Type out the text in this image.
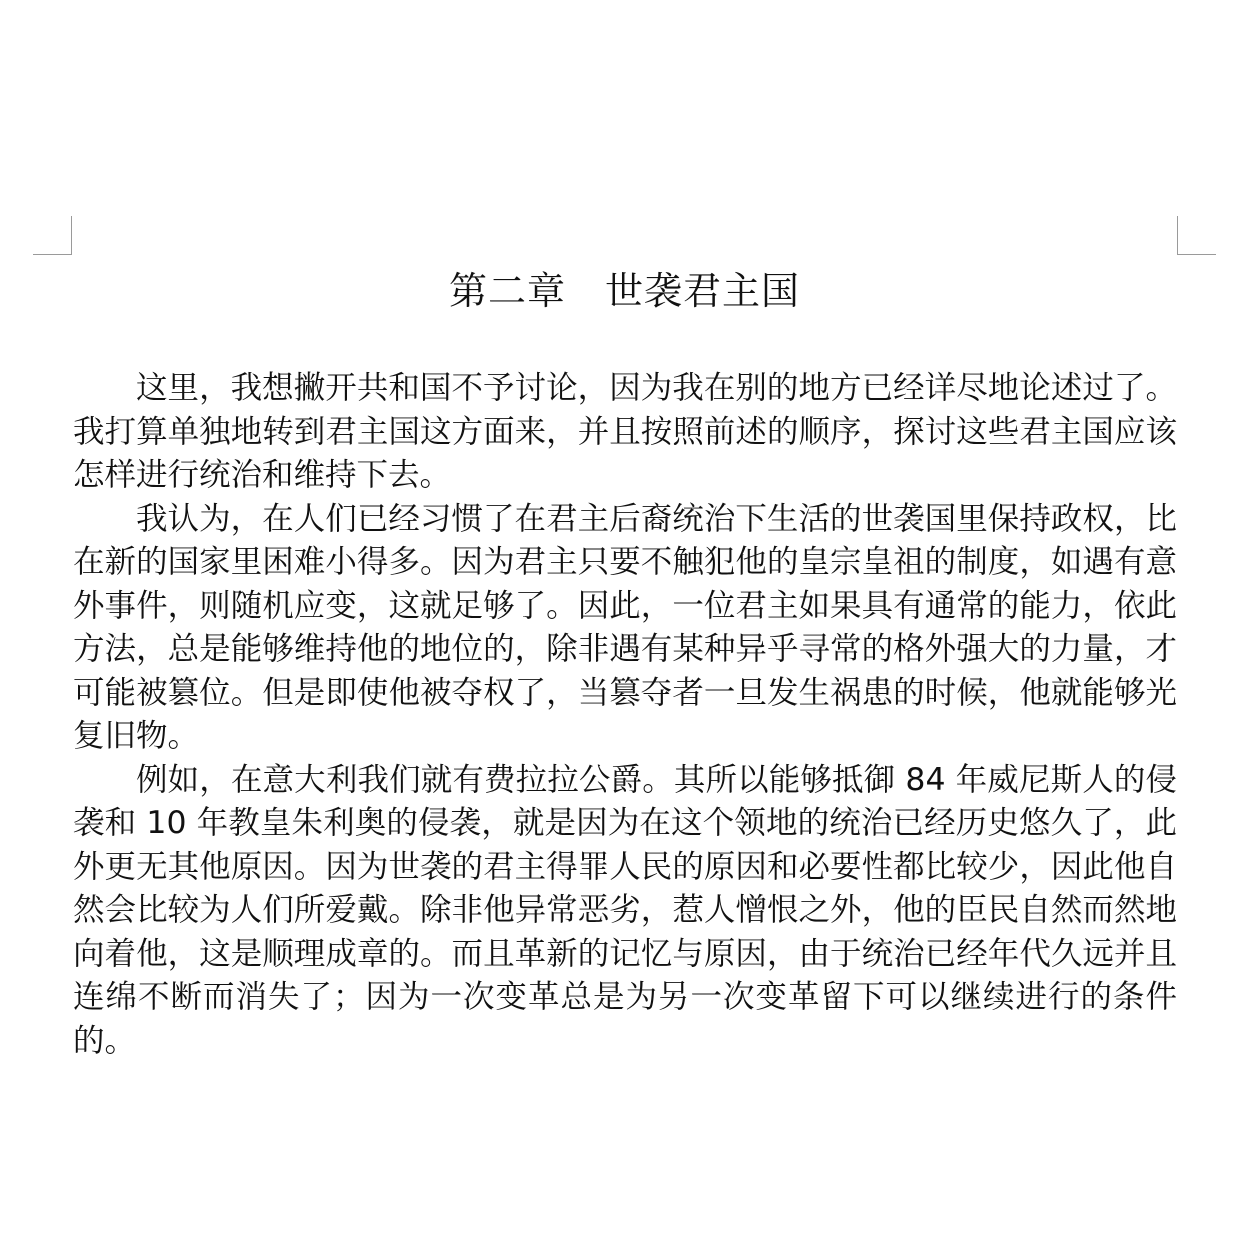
第二章　世袭君主国

这里，我想撇开共和国不予讨论，因为我在别的地方已经详尽地论述过了。我打算单独地转到君主国这方面来，并且按照前述的顺序，探讨这些君主国应该怎样进行统治和维持下去。

我认为，在人们已经习惯了在君主后裔统治下生活的世袭国里保持政权，比在新的国家里困难小得多。因为君主只要不触犯他的皇宗皇祖的制度，如遇有意外事件，则随机应变，这就足够了。因此，一位君主如果具有通常的能力，依此方法，总是能够维持他的地位的，除非遇有某种异乎寻常的格外强大的力量，才可能被篡位。但是即使他被夺权了，当篡夺者一旦发生祸患的时候，他就能够光复旧物。

例如，在意大利我们就有费拉拉公爵。其所以能够抵御 84 年威尼斯人的侵袭和 10 年教皇朱利奥的侵袭，就是因为在这个领地的统治已经历史悠久了，此外更无其他原因。因为世袭的君主得罪人民的原因和必要性都比较少，因此他自然会比较为人们所爱戴。除非他异常恶劣，惹人憎恨之外，他的臣民自然而然地向着他，这是顺理成章的。而且革新的记忆与原因，由于统治已经年代久远并且连绵不断而消失了；因为一次变革总是为另一次变革留下可以继续进行的条件的。
